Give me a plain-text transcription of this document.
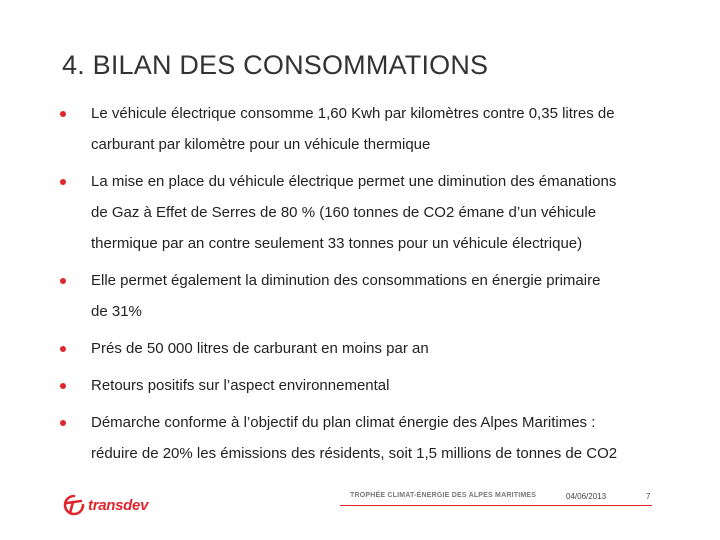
4. BILAN DES CONSOMMATIONS
Le véhicule électrique consomme 1,60 Kwh par kilomètres contre 0,35 litres de
carburant par kilomètre pour un véhicule thermique
La mise en place du véhicule électrique permet une diminution des émanations
de Gaz à Effet de Serres de 80 % (160 tonnes de CO2 émane d’un véhicule
thermique par an contre seulement 33 tonnes pour un véhicule électrique)
Elle permet également la diminution des consommations en énergie primaire
de 31%
Prés de 50 000 litres de carburant en moins par an
Retours positifs sur l’aspect environnemental
Démarche conforme à l’objectif du plan climat énergie des Alpes Maritimes :
réduire de 20% les émissions des résidents, soit 1,5 millions de tonnes de CO2
transdev
TROPHÉE CLIMAT-ÉNERGIE DES ALPES MARITIMES	04/06/2013	7
